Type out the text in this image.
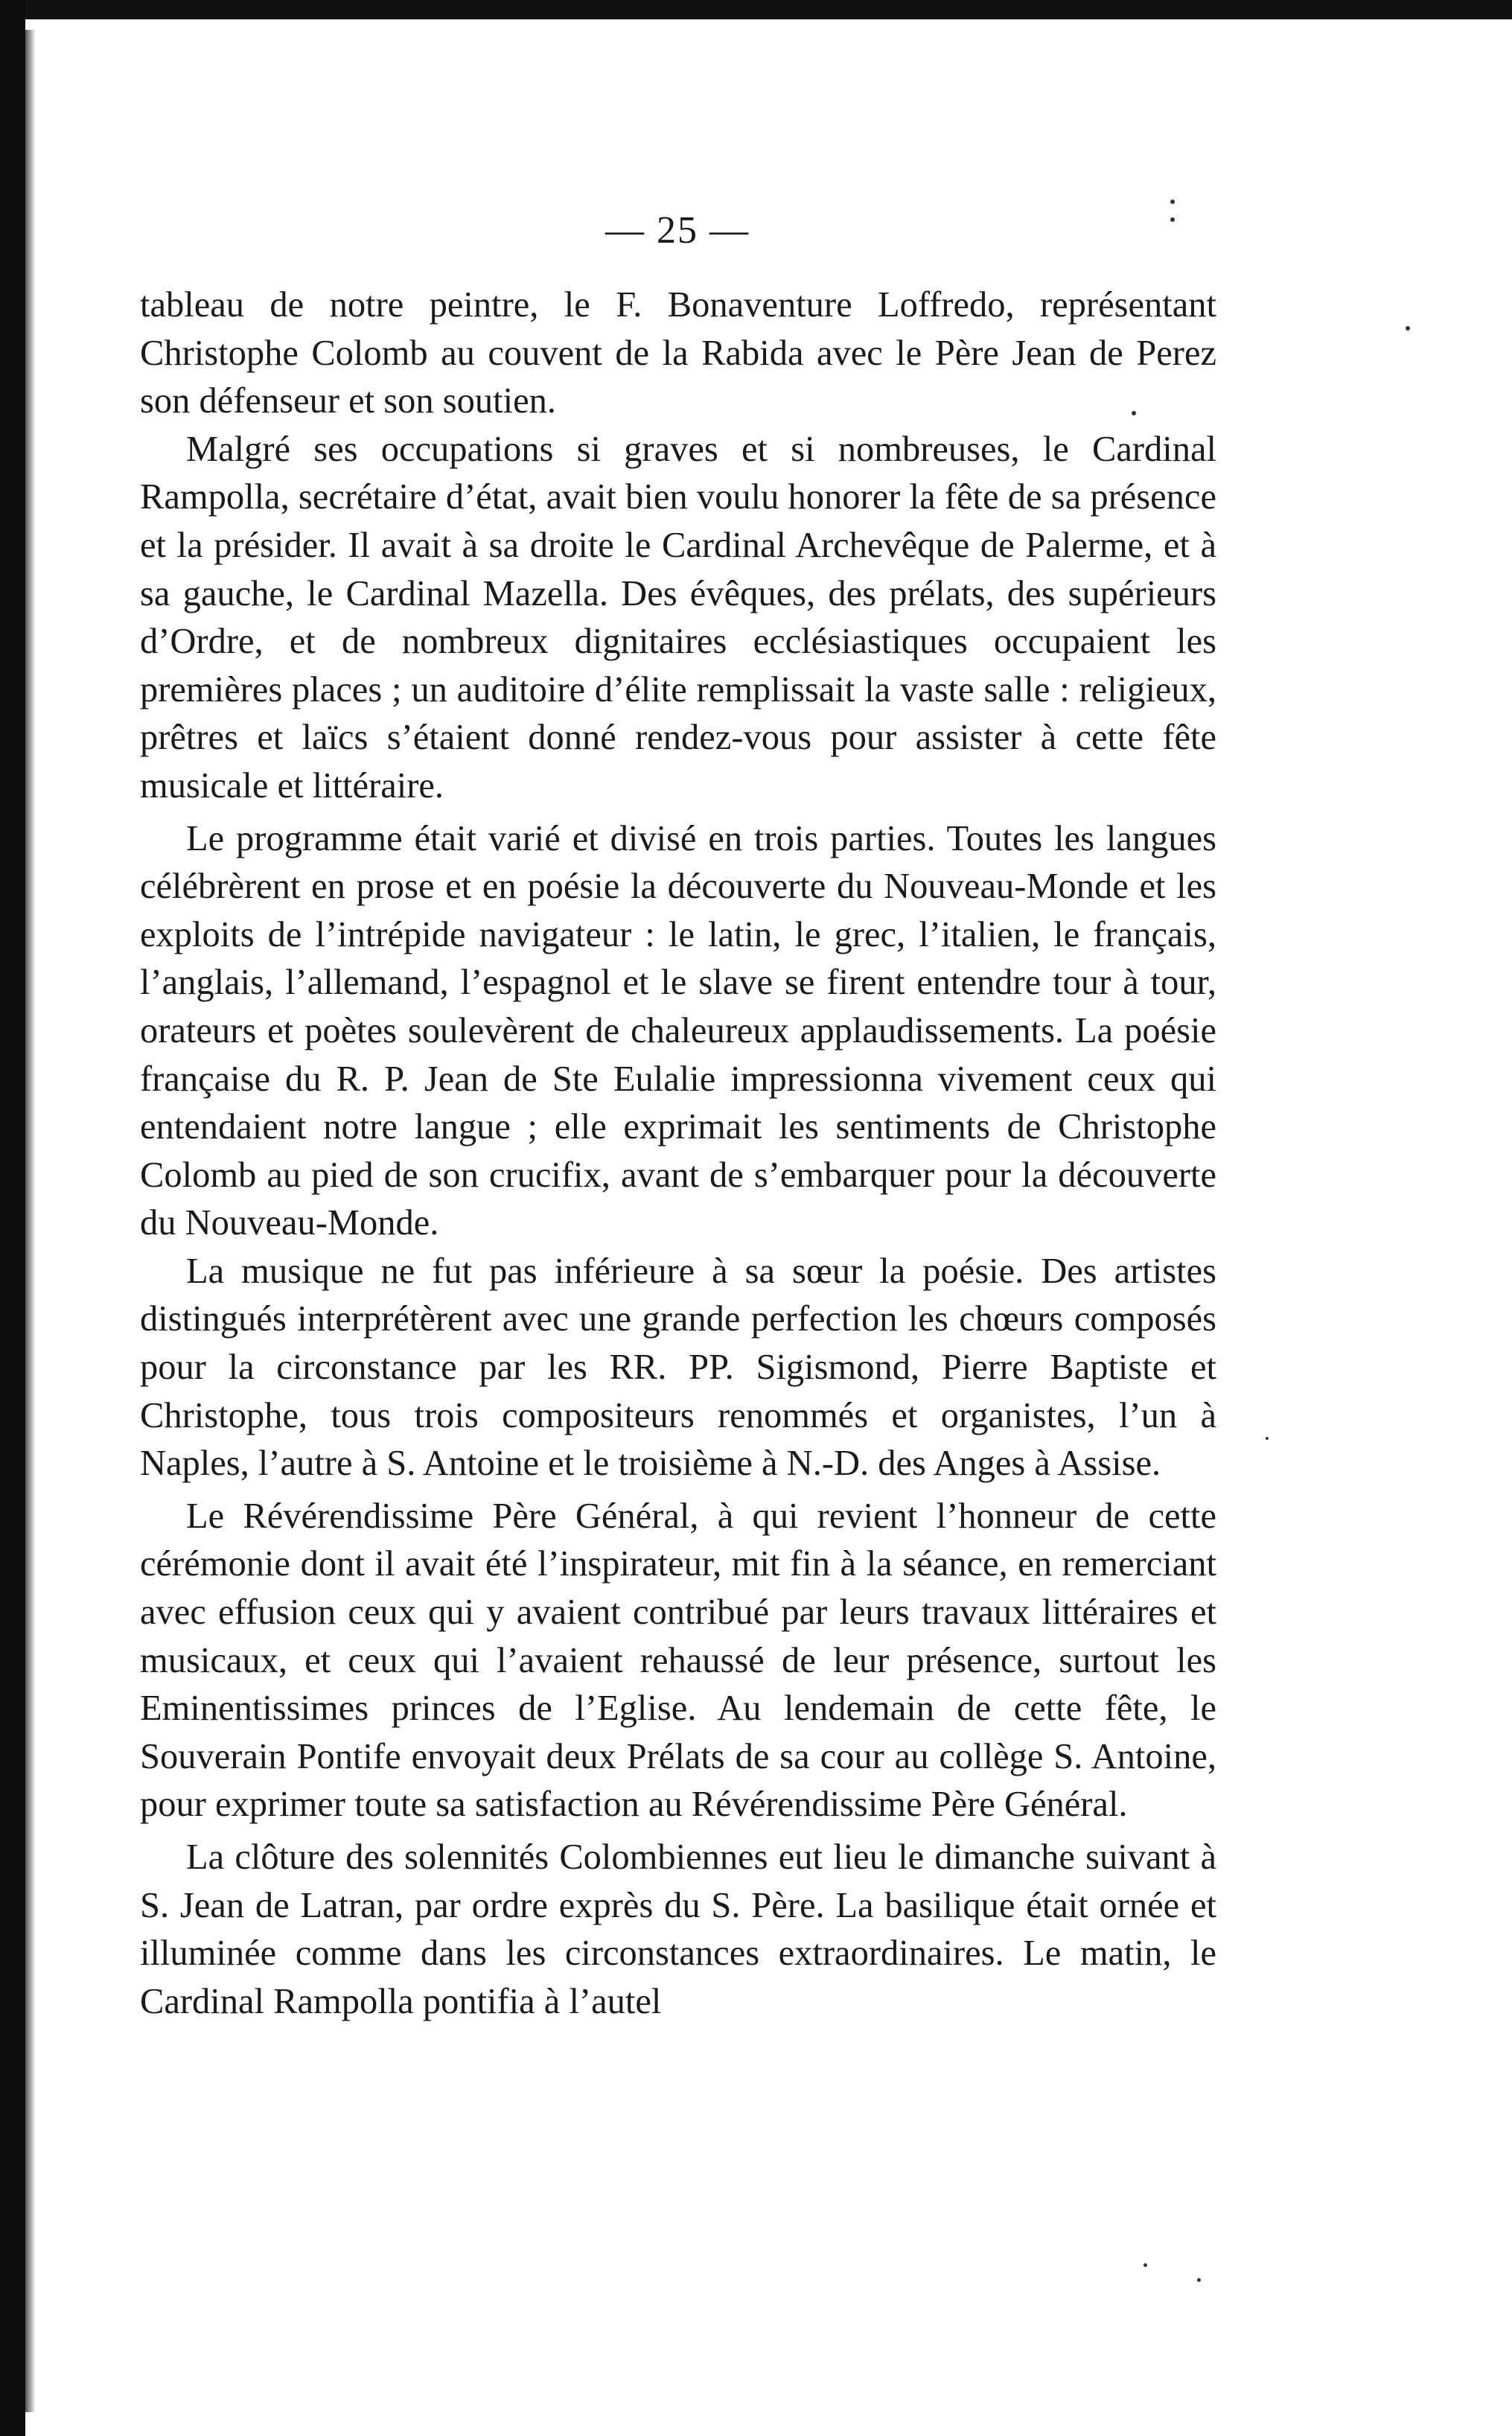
— 25 —

tableau de notre peintre, le F. Bonaventure Loffredo, représentant Christophe Colomb au couvent de la Rabida avec le Père Jean de Perez son défenseur et son soutien.

Malgré ses occupations si graves et si nombreuses, le Cardinal Rampolla, secrétaire d’état, avait bien voulu honorer la fête de sa présence et la présider. Il avait à sa droite le Cardinal Archevêque de Palerme, et à sa gauche, le Cardinal Mazella. Des évêques, des prélats, des supérieurs d’Ordre, et de nombreux dignitaires ecclésiastiques occupaient les premières places ; un auditoire d’élite remplissait la vaste salle : religieux, prêtres et laïcs s’étaient donné rendez-vous pour assister à cette fête musicale et littéraire.

Le programme était varié et divisé en trois parties. Toutes les langues célébrèrent en prose et en poésie la découverte du Nouveau-Monde et les exploits de l’intrépide navigateur : le latin, le grec, l’italien, le français, l’anglais, l’allemand, l’espagnol et le slave se firent entendre tour à tour, orateurs et poètes soulevèrent de chaleureux applaudissements. La poésie française du R. P. Jean de Ste Eulalie impressionna vivement ceux qui entendaient notre langue ; elle exprimait les sentiments de Christophe Colomb au pied de son crucifix, avant de s’embarquer pour la découverte du Nouveau-Monde.

La musique ne fut pas inférieure à sa sœur la poésie. Des artistes distingués interprétèrent avec une grande perfection les chœurs composés pour la circonstance par les RR. PP. Sigismond, Pierre Baptiste et Christophe, tous trois compositeurs renommés et organistes, l’un à Naples, l’autre à S. Antoine et le troisième à N.-D. des Anges à Assise.

Le Révérendissime Père Général, à qui revient l’honneur de cette cérémonie dont il avait été l’inspirateur, mit fin à la séance, en remerciant avec effusion ceux qui y avaient contribué par leurs travaux littéraires et musicaux, et ceux qui l’avaient rehaussé de leur présence, surtout les Eminentissimes princes de l’Eglise. Au lendemain de cette fête, le Souverain Pontife envoyait deux Prélats de sa cour au collège S. Antoine, pour exprimer toute sa satisfaction au Révérendissime Père Général.

La clôture des solennités Colombiennes eut lieu le dimanche suivant à S. Jean de Latran, par ordre exprès du S. Père. La basilique était ornée et illuminée comme dans les circonstances extraordinaires. Le matin, le Cardinal Rampolla pontifia à l’autel
